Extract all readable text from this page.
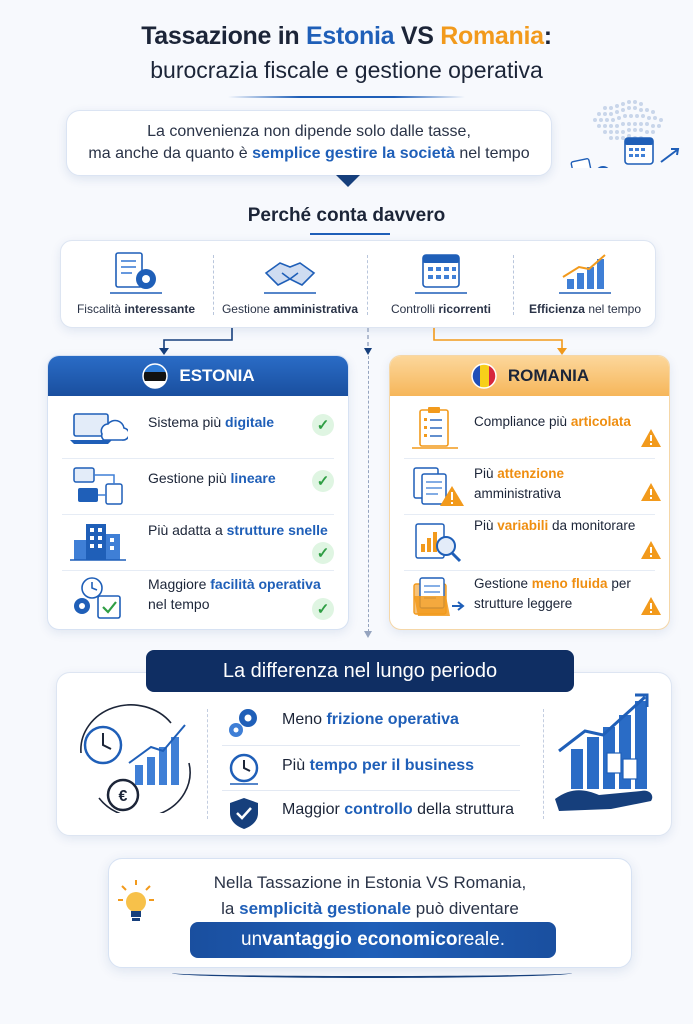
Tassazione in Estonia VS Romania:
burocrazia fiscale e gestione operativa
La convenienza non dipende solo dalle tasse,
ma anche da quanto è semplice gestire la società nel tempo
Perché conta davvero
Fiscalità interessante	Gestione amministrativa	Controlli ricorrenti	Efficienza nel tempo
ESTONIA
Sistema più digitale	✓
Gestione più lineare	✓
Più adatta a strutture snelle
✓
Maggiore facilità operativa nel tempo	✓
ROMANIA
Compliance più articolata
Più attenzione amministrativa
Più variabili da monitorare
Gestione meno fluida per strutture leggere
€
La differenza nel lungo periodo
Meno frizione operativa
Più tempo per il business
Maggior controllo della struttura
Nella Tassazione in Estonia VS Romania,
la semplicità gestionale può diventare
un vantaggio economico reale.
